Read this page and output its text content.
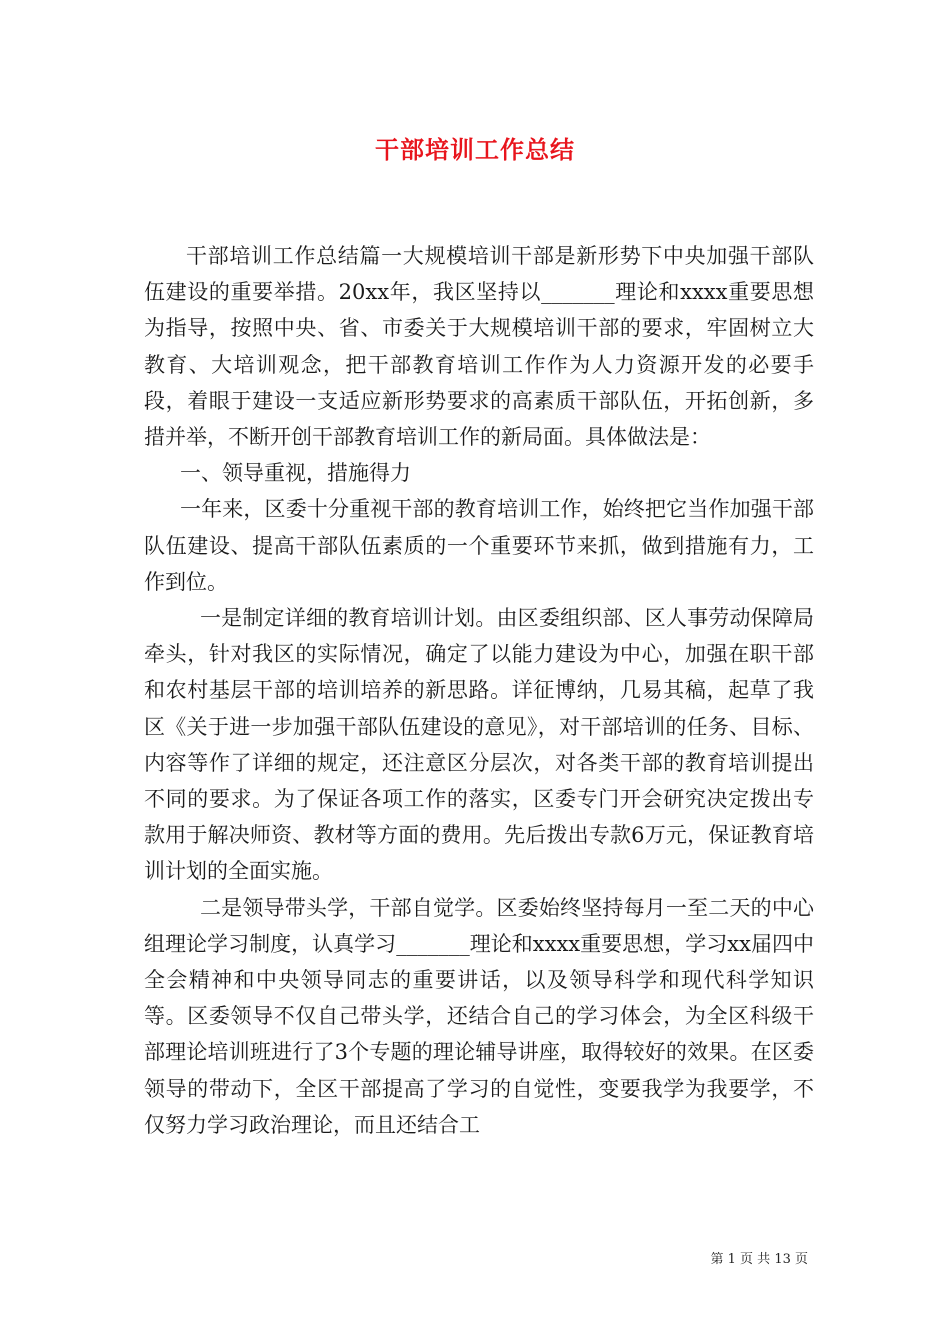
干部培训工作总结

干部培训工作总结篇一大规模培训干部是新形势下中央加强干部队伍建设的重要举措。20xx年，我区坚持以_______理论和xxxx重要思想为指导，按照中央、省、市委关于大规模培训干部的要求，牢固树立大教育、大培训观念，把干部教育培训工作作为人力资源开发的必要手段，着眼于建设一支适应新形势要求的高素质干部队伍，开拓创新，多措并举，不断开创干部教育培训工作的新局面。具体做法是：

一、领导重视，措施得力

一年来，区委十分重视干部的教育培训工作，始终把它当作加强干部队伍建设、提高干部队伍素质的一个重要环节来抓，做到措施有力，工作到位。

一是制定详细的教育培训计划。由区委组织部、区人事劳动保障局牵头，针对我区的实际情况，确定了以能力建设为中心，加强在职干部和农村基层干部的培训培养的新思路。详征博纳，几易其稿，起草了我区《关于进一步加强干部队伍建设的意见》，对干部培训的任务、目标、内容等作了详细的规定，还注意区分层次，对各类干部的教育培训提出不同的要求。为了保证各项工作的落实，区委专门开会研究决定拨出专款用于解决师资、教材等方面的费用。先后拨出专款6万元，保证教育培训计划的全面实施。

二是领导带头学，干部自觉学。区委始终坚持每月一至二天的中心组理论学习制度，认真学习_______理论和xxxx重要思想，学习xx届四中全会精神和中央领导同志的重要讲话，以及领导科学和现代科学知识等。区委领导不仅自己带头学，还结合自己的学习体会，为全区科级干部理论培训班进行了3个专题的理论辅导讲座，取得较好的效果。在区委领导的带动下，全区干部提高了学习的自觉性，变要我学为我要学，不仅努力学习政治理论，而且还结合工

第 1 页 共 13 页
